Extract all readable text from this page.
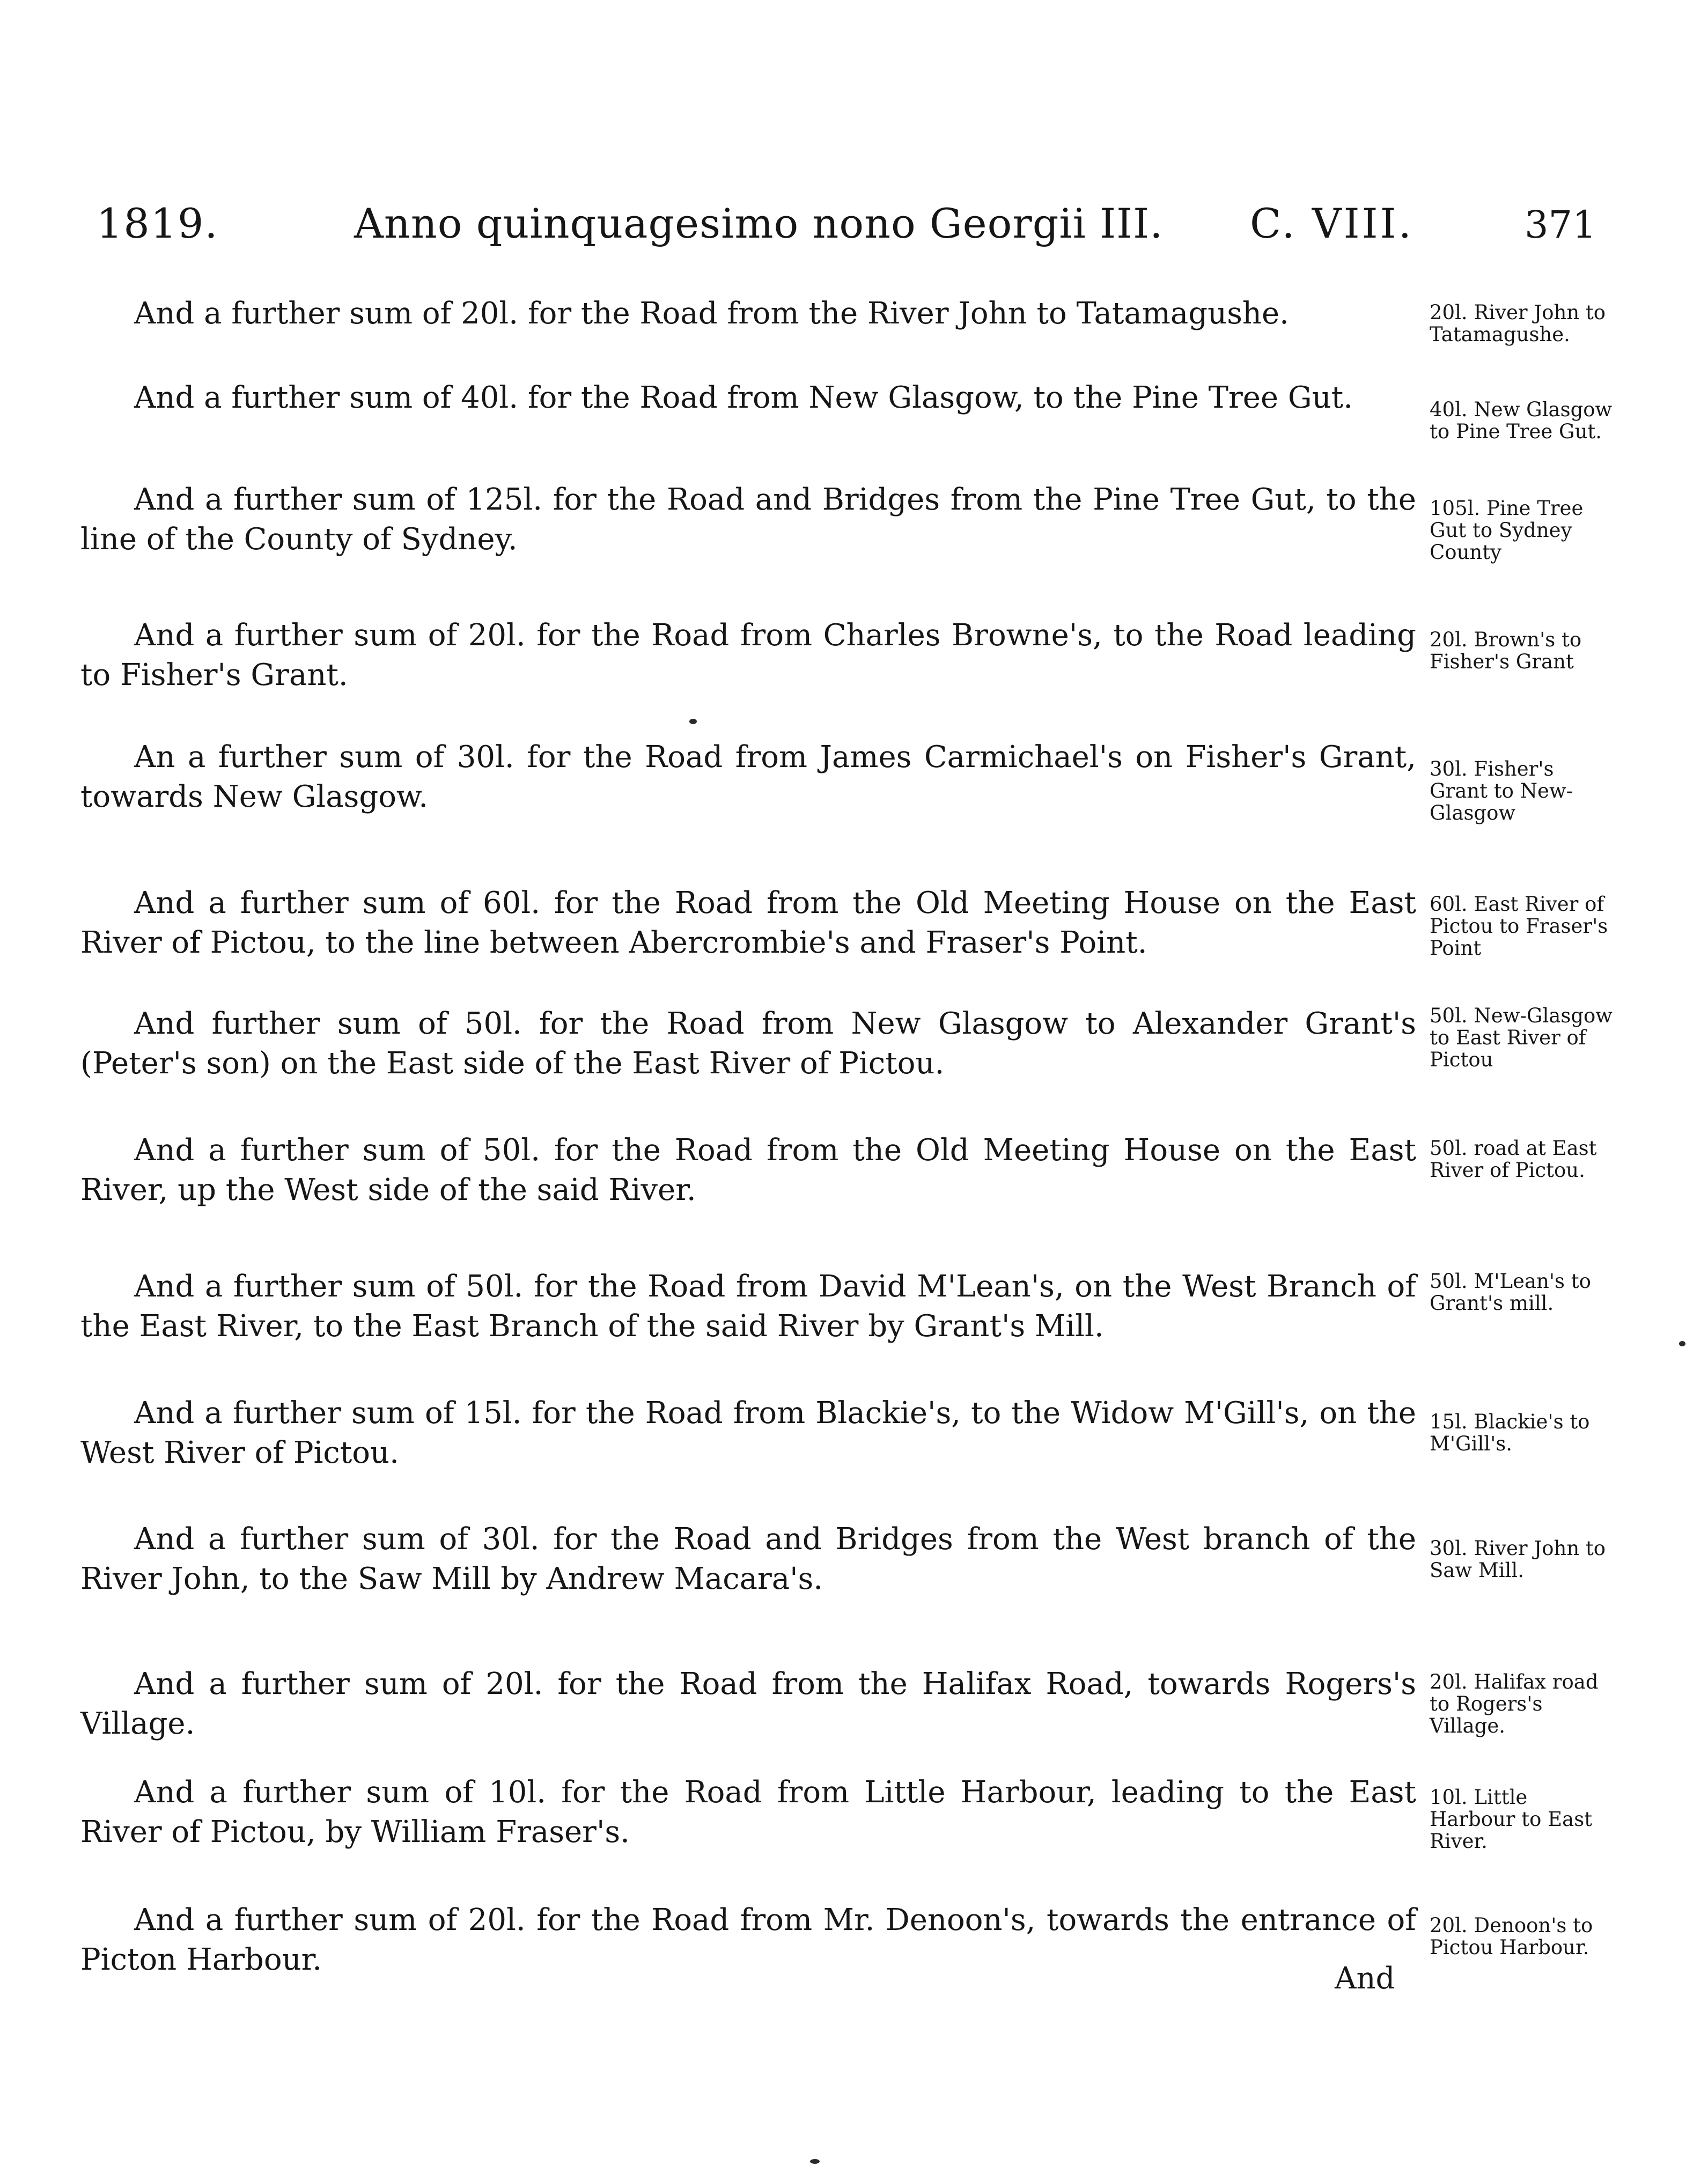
1819.	Anno quinquagesimo nono Georgii III. C. VIII.	371

And a further sum of 20l. for the Road from the River John to Tatamagushe.	20l. River John to Tatamagushe.

And a further sum of 40l. for the Road from New Glasgow, to the Pine Tree Gut.	40l. New Glasgow to Pine Tree Gut.

And a further sum of 125l. for the Road and Bridges from the Pine Tree Gut, to the line of the County of Sydney.

105l. Pine Tree Gut to Sydney County

And a further sum of 20l. for the Road from Charles Browne's, to the Road leading to Fisher's Grant.

20l. Brown's to Fisher's Grant

An a further sum of 30l. for the Road from James Carmichael's on Fisher's Grant, towards New Glasgow.

30l. Fisher's Grant to New-Glasgow

And a further sum of 60l. for the Road from the Old Meeting House on the East River of Pictou, to the line between Abercrombie's and Fraser's Point.

60l. East River of Pictou to Fraser's Point

And further sum of 50l. for the Road from New Glasgow to Alexander Grant's (Peter's son) on the East side of the East River of Pictou.

50l. New-Glasgow to East River of Pictou

And a further sum of 50l. for the Road from the Old Meeting House on the East River, up the West side of the said River.

50l. road at East River of Pictou.

And a further sum of 50l. for the Road from David M'Lean's, on the West Branch of the East River, to the East Branch of the said River by Grant's Mill.

50l. M'Lean's to Grant's mill.

And a further sum of 15l. for the Road from Blackie's, to the Widow M'Gill's, on the West River of Pictou.

15l. Blackie's to M'Gill's.

And a further sum of 30l. for the Road and Bridges from the West branch of the River John, to the Saw Mill by Andrew Macara's.

30l. River John to Saw Mill.

And a further sum of 20l. for the Road from the Halifax Road, towards Rogers's Village.

20l. Halifax road to Rogers's Village.

And a further sum of 10l. for the Road from Little Harbour, leading to the East River of Pictou, by William Fraser's.

10l. Little Harbour to East River.

And a further sum of 20l. for the Road from Mr. Denoon's, towards the entrance of Picton Harbour.

20l. Denoon's to Pictou Harbour.

And
